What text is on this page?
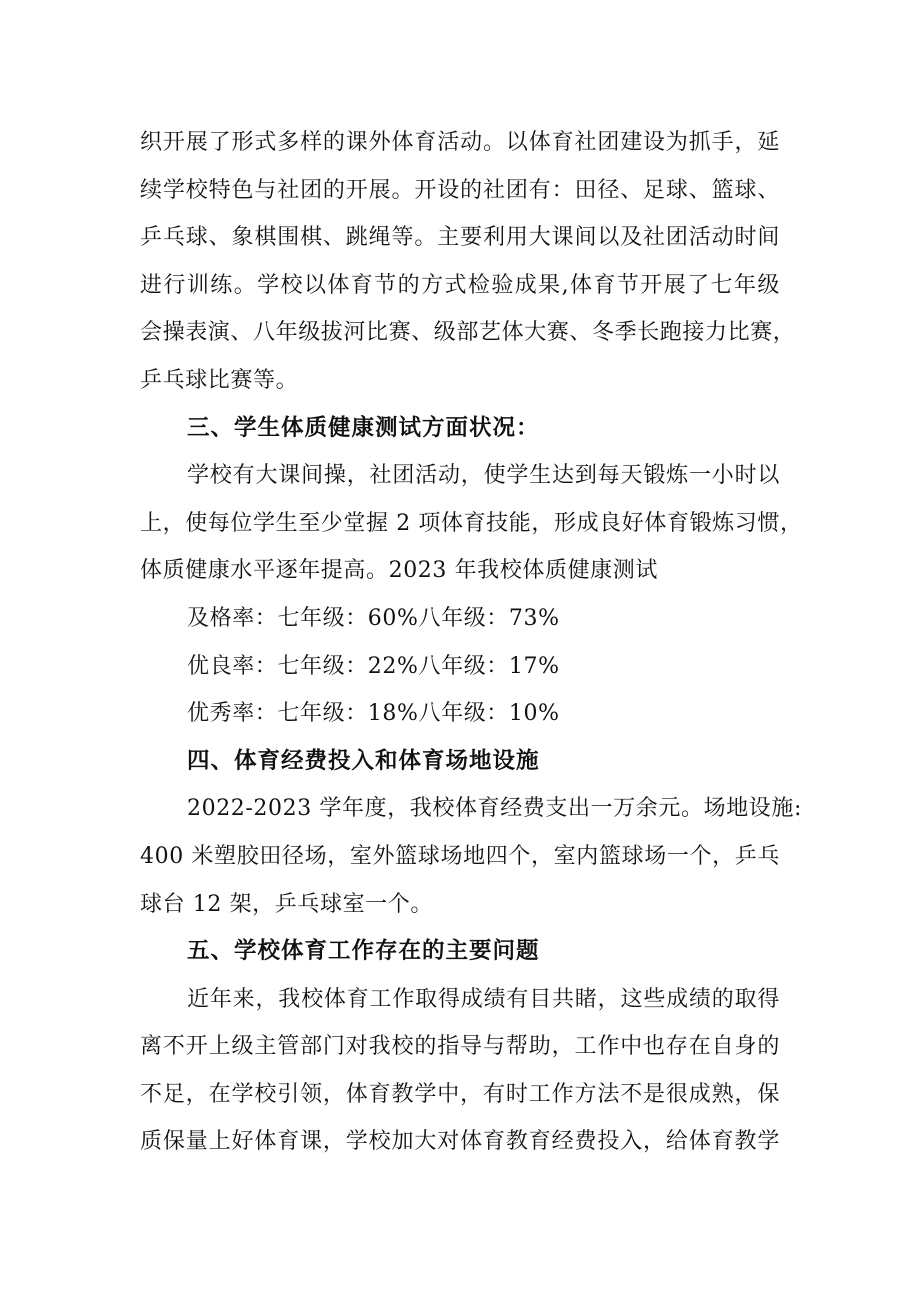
织开展了形式多样的课外体育活动。以体育社团建设为抓手，延
续学校特色与社团的开展。开设的社团有：田径、足球、篮球、
乒乓球、象棋围棋、跳绳等。主要利用大课间以及社团活动时间
进行训练。学校以体育节的方式检验成果,体育节开展了七年级
会操表演、八年级拔河比赛、级部艺体大赛、冬季长跑接力比赛，
乒乓球比赛等。
三、学生体质健康测试方面状况：
学校有大课间操，社团活动，使学生达到每天锻炼一小时以
上，使每位学生至少堂握 2 项体育技能，形成良好体育锻炼习惯，
体质健康水平逐年提高。2023 年我校体质健康测试
及格率：七年级：60%八年级：73%
优良率：七年级：22%八年级：17%
优秀率：七年级：18%八年级：10%
四、体育经费投入和体育场地设施
2022-2023 学年度，我校体育经费支出一万余元。场地设施:
400 米塑胶田径场，室外篮球场地四个，室内篮球场一个，乒乓
球台 12 架，乒乓球室一个。
五、学校体育工作存在的主要问题
近年来，我校体育工作取得成绩有目共睹，这些成绩的取得
离不开上级主管部门对我校的指导与帮助，工作中也存在自身的
不足，在学校引领，体育教学中，有时工作方法不是很成熟，保
质保量上好体育课，学校加大对体育教育经费投入，给体育教学
